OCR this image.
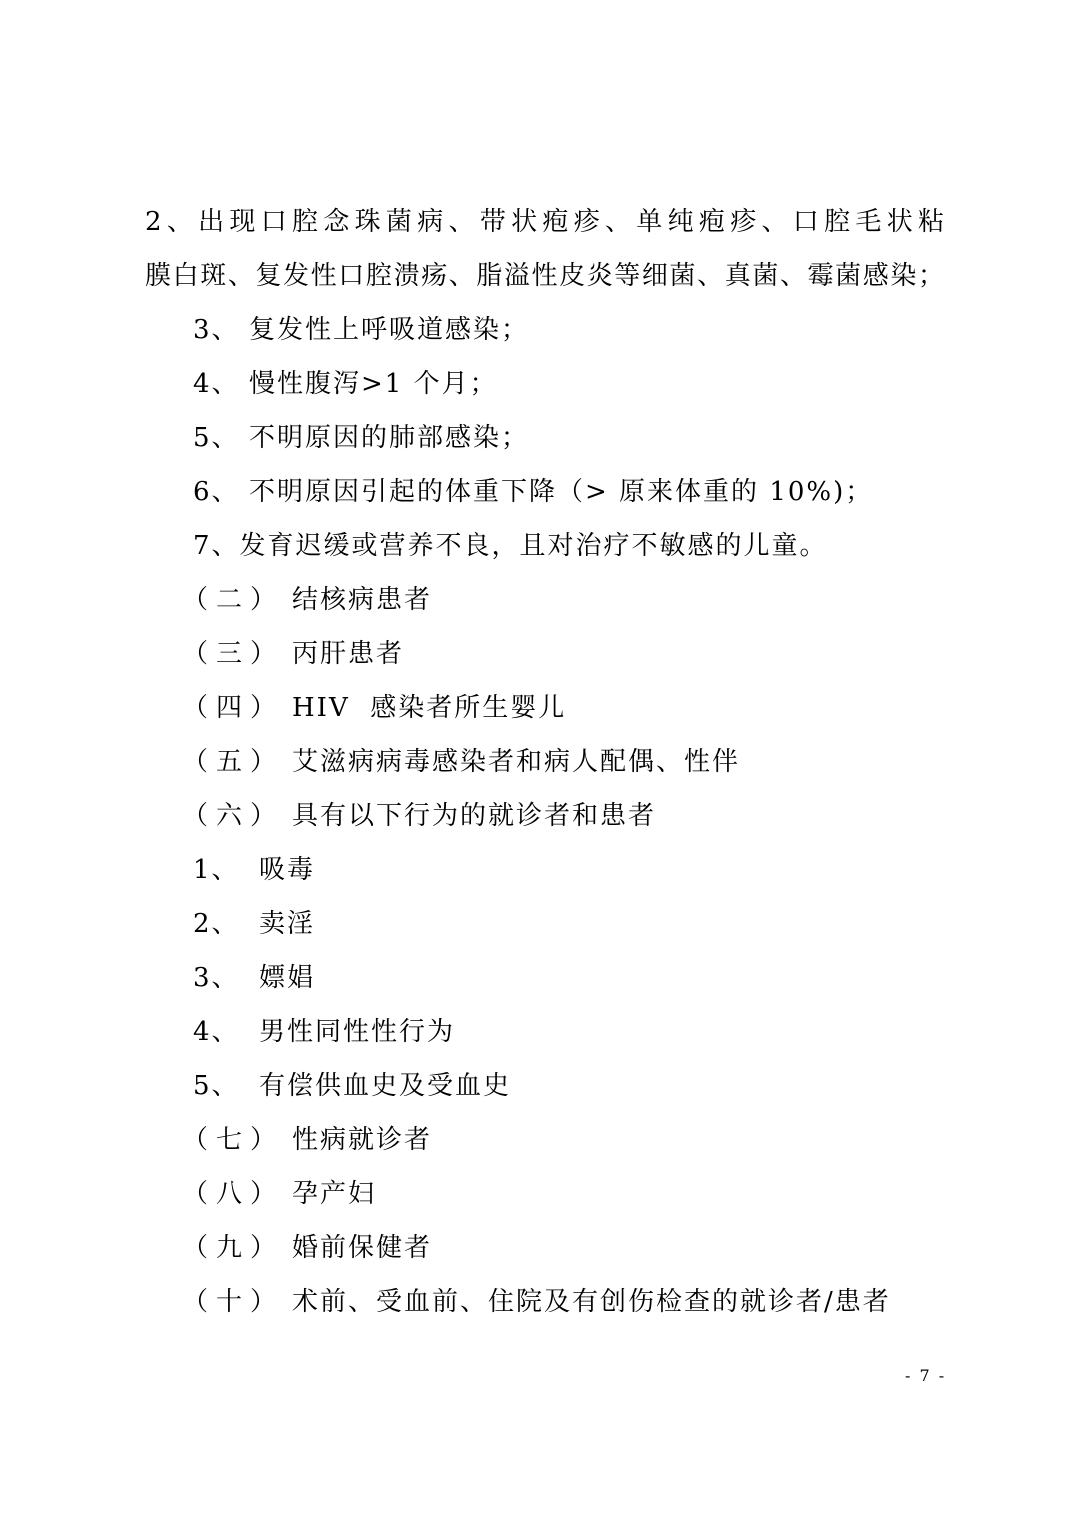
2、出现口腔念珠菌病、带状疱疹、单纯疱疹、口腔毛状粘
膜白斑、复发性口腔溃疡、脂溢性皮炎等细菌、真菌、霉菌感染；
3、 复发性上呼吸道感染；
4、 慢性腹泻>1 个月；
5、 不明原因的肺部感染；
6、 不明原因引起的体重下降（> 原来体重的 10%)；
7、发育迟缓或营养不良，且对治疗不敏感的儿童。
（二） 结核病患者
（三） 丙肝患者
（四） HIV  感染者所生婴儿
（五） 艾滋病病毒感染者和病人配偶、性伴
（六） 具有以下行为的就诊者和患者
1、 吸毒
2、 卖淫
3、 嫖娼
4、 男性同性性行为
5、 有偿供血史及受血史
（七） 性病就诊者
（八） 孕产妇
（九） 婚前保健者
（十） 术前、受血前、住院及有创伤检查的就诊者/患者
- 7 -
